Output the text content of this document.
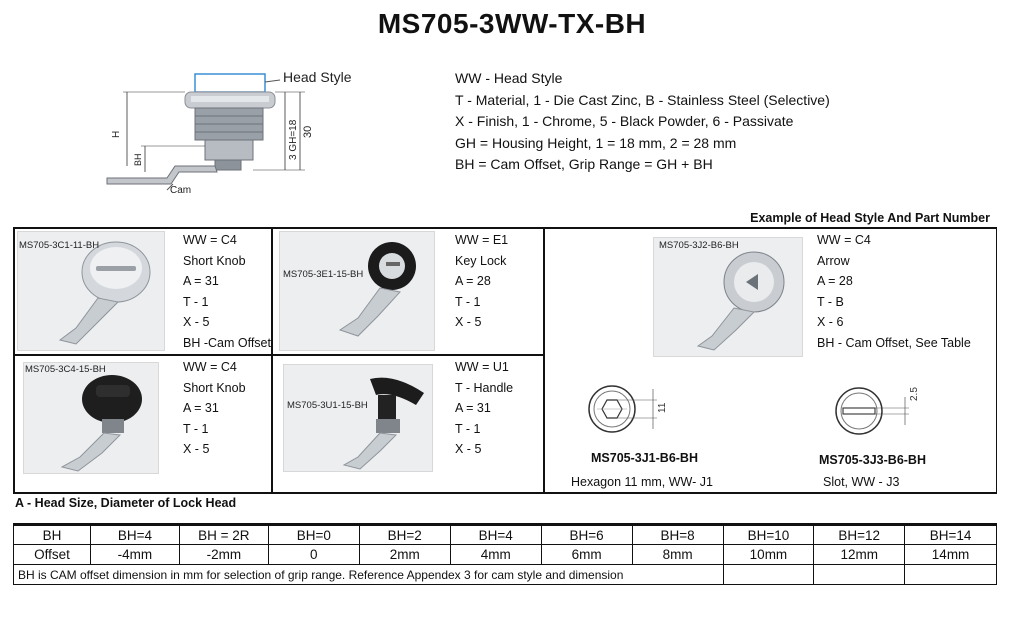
MS705-3WW-TX-BH
Head Style
Cam
H
BH	3 GH=18 30
WW - Head Style
T - Material, 1 - Die Cast Zinc, B - Stainless Steel (Selective)
X - Finish, 1 - Chrome, 5 - Black Powder, 6 - Passivate
GH = Housing Height, 1 = 18 mm, 2 = 28 mm
BH = Cam Offset, Grip Range = GH + BH
Example of Head Style And Part Number
MS705-3C1-11-BH	WW = C4
Short Knob
A = 31
T - 1
X - 5
BH -Cam Offset
MS705-3E1-15-BH
WW = E1
Key Lock
A = 28
T - 1
X - 5
MS705-3J2-B6-BH	WW = C4
Arrow
A = 28
T - B
X - 6
BH - Cam Offset, See Table
11
2.5
MS705-3J1-B6-BH
Hexagon 11 mm, WW- J1
MS705-3J3-B6-BH
Slot, WW - J3
MS705-3C4-15-BH	WW = C4
Short Knob
A = 31
T - 1
X - 5
MS705-3U1-15-BH
WW = U1
T - Handle
A = 31
T - 1
X - 5
A - Head Size, Diameter of Lock Head
BH	BH=4	BH = 2R	BH=0	BH=2	BH=4	BH=6	BH=8	BH=10	BH=12	BH=14
Offset	-4mm	-2mm	0	2mm	4mm	6mm	8mm	10mm	12mm	14mm
BH is CAM offset dimension in mm for selection of grip range. Reference Appendex 3 for cam style and dimension										
